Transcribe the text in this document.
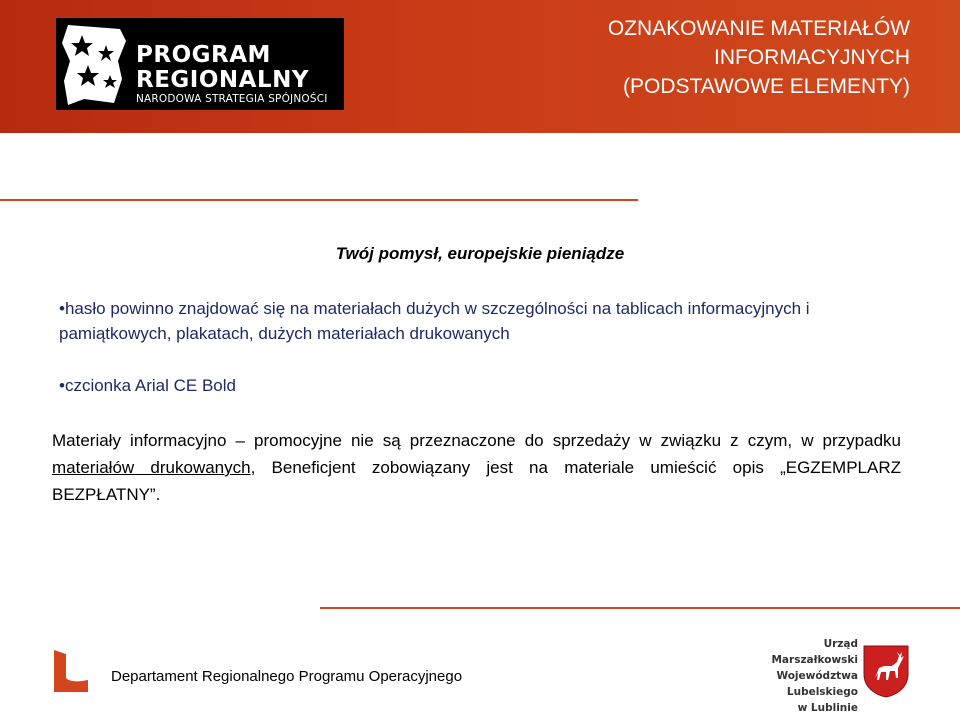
PROGRAM
REGIONALNY
NARODOWA STRATEGIA SPÓJNOŚCI
OZNAKOWANIE MATERIAŁÓW
INFORMACYJNYCH
(PODSTAWOWE ELEMENTY)
Twój pomysł, europejskie pieniądze
•hasło powinno znajdować się na materiałach dużych w szczególności na tablicach informacyjnych i pamiątkowych, plakatach, dużych materiałach drukowanych
•czcionka Arial CE Bold
Materiały informacyjno – promocyjne nie są przeznaczone do sprzedaży w związku z czym, w przypadku materiałów drukowanych, Beneficjent zobowiązany jest na materiale umieścić opis „EGZEMPLARZ BEZPŁATNY”.
Departament Regionalnego Programu Operacyjnego
Urząd Marszałkowski
Województwa Lubelskiego
w Lublinie
